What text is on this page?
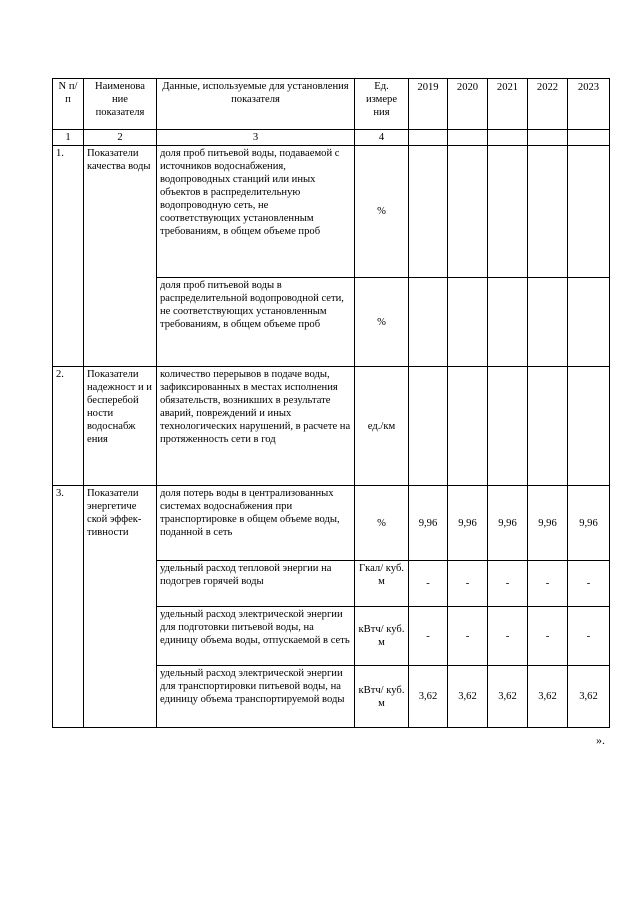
N п/п	Наименова ние показателя	Данные, используемые для установления показателя	Ед. измере ния	2019	2020	2021	2022	2023
1	2	3	4					
1.	Показатели качества воды	доля проб питьевой воды, подаваемой с источников водоснабжения, водопроводных станций или иных объектов в распределительную водопроводную сеть, не соответствующих установленным требованиям, в общем объеме проб	%					
		доля проб питьевой воды в распределительной водопроводной сети, не соответствующих установленным требованиям, в общем объеме проб	%					
2.	Показатели надежност и и бесперебой ности водоснабж ения	количество перерывов в подаче воды, зафиксированных в местах исполнения обязательств, возникших в результате аварий, повреждений и иных технологических нарушений, в расчете на протяженность сети в год	ед./км					
3.	Показатели энергетиче ской эффек- тивности	доля потерь воды в централизованных системах водоснабжения при транспортировке в общем объеме воды, поданной в сеть	%	9,96	9,96	9,96	9,96	9,96
		удельный расход тепловой энергии на подогрев горячей воды	Гкал/ куб. м	-	-	-	-	-
		удельный расход электрической энергии для подготовки питьевой воды, на единицу объема воды, отпускаемой в сеть	кВтч/ куб. м	-	-	-	-	-
		удельный расход электрической энергии для транспортировки питьевой воды, на единицу объема транспортируемой воды	кВтч/ куб. м	3,62	3,62	3,62	3,62	3,62
».
